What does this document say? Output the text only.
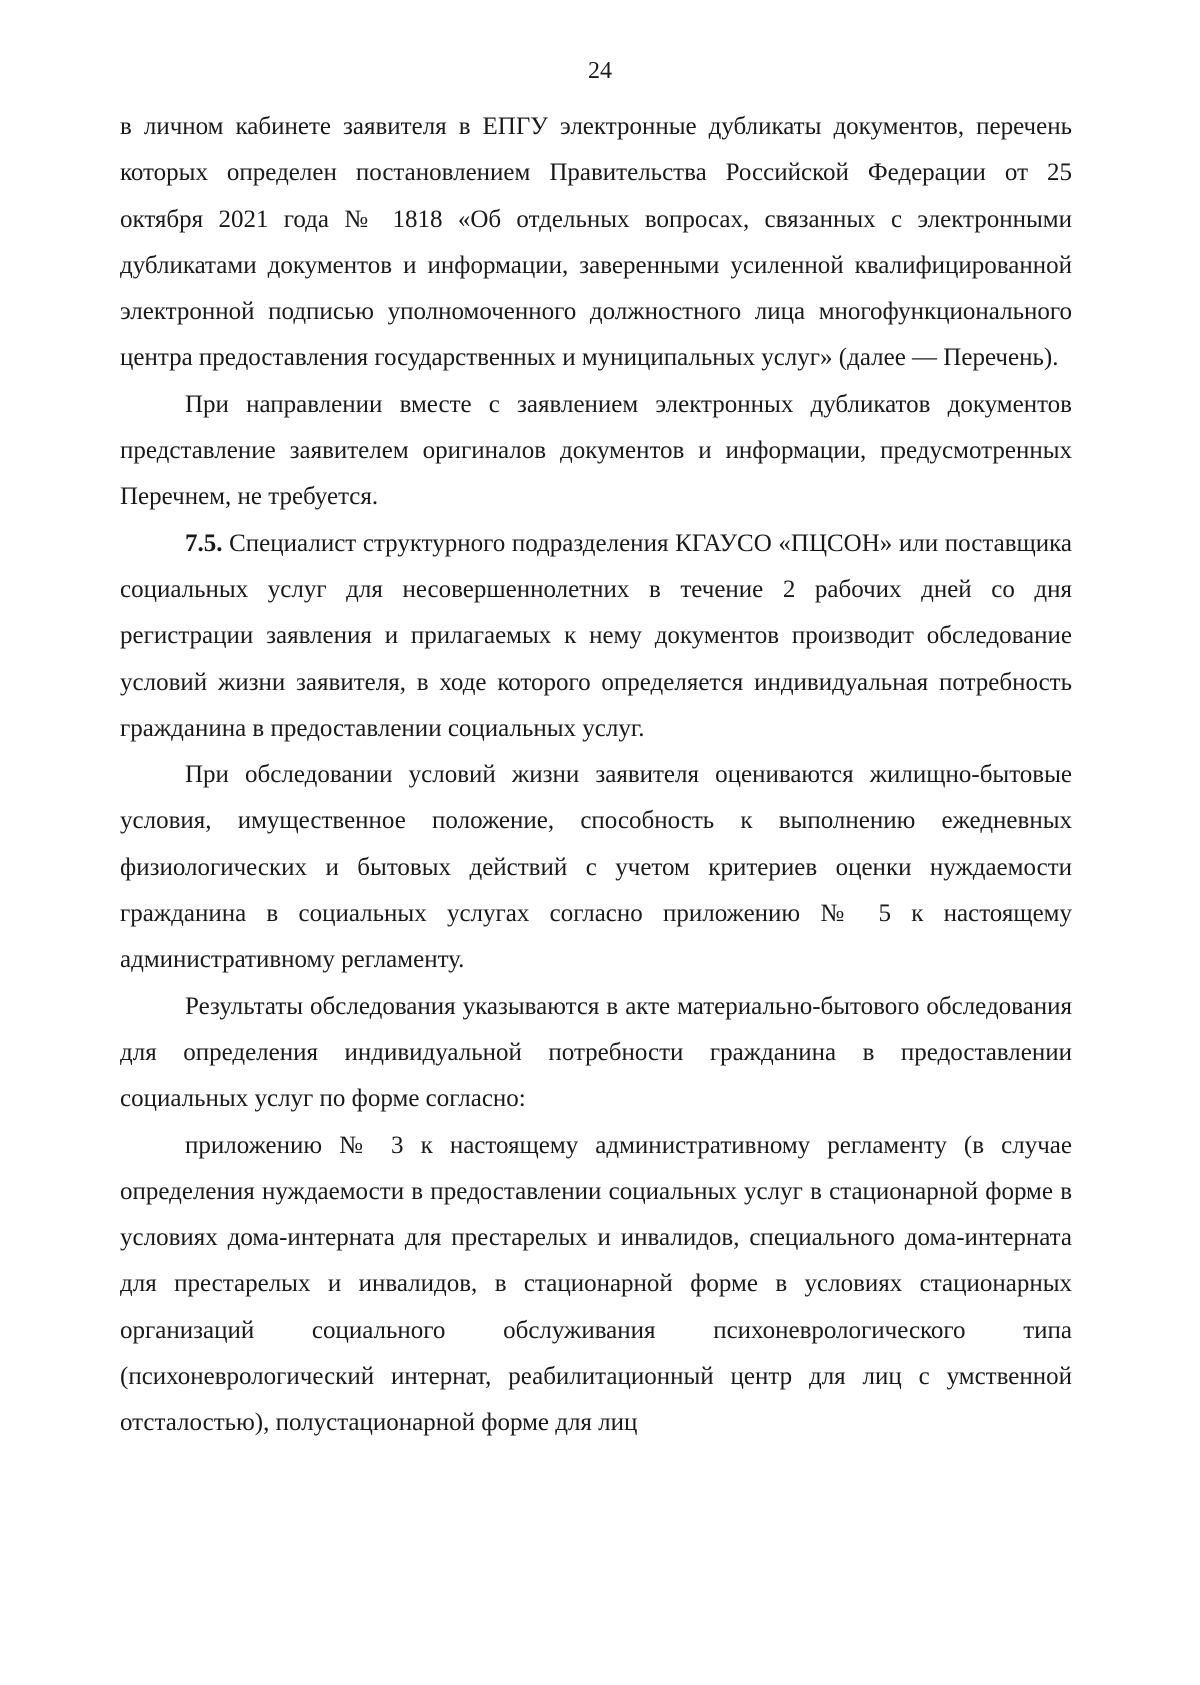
24

в личном кабинете заявителя в ЕПГУ электронные дубликаты документов, перечень которых определен постановлением Правительства Российской Федерации от 25 октября 2021 года № 1818 «Об отдельных вопросах, связанных с электронными дубликатами документов и информации, заверенными усиленной квалифицированной электронной подписью уполномоченного должностного лица многофункционального центра предоставления государственных и муниципальных услуг» (далее — Перечень).

При направлении вместе с заявлением электронных дубликатов документов представление заявителем оригиналов документов и информации, предусмотренных Перечнем, не требуется.

7.5. Специалист структурного подразделения КГАУСО «ПЦСОН» или поставщика социальных услуг для несовершеннолетних в течение 2 рабочих дней со дня регистрации заявления и прилагаемых к нему документов производит обследование условий жизни заявителя, в ходе которого определяется индивидуальная потребность гражданина в предоставлении социальных услуг.

При обследовании условий жизни заявителя оцениваются жилищно-бытовые условия, имущественное положение, способность к выполнению ежедневных физиологических и бытовых действий с учетом критериев оценки нуждаемости гражданина в социальных услугах согласно приложению № 5 к настоящему административному регламенту.

Результаты обследования указываются в акте материально-бытового обследования для определения индивидуальной потребности гражданина в предоставлении социальных услуг по форме согласно:

приложению № 3 к настоящему административному регламенту (в случае определения нуждаемости в предоставлении социальных услуг в стационарной форме в условиях дома-интерната для престарелых и инвалидов, специального дома-интерната для престарелых и инвалидов, в стационарной форме в условиях стационарных организаций социального обслуживания психоневрологического типа (психоневрологический интернат, реабилитационный центр для лиц с умственной отсталостью), полустационарной форме для лиц
